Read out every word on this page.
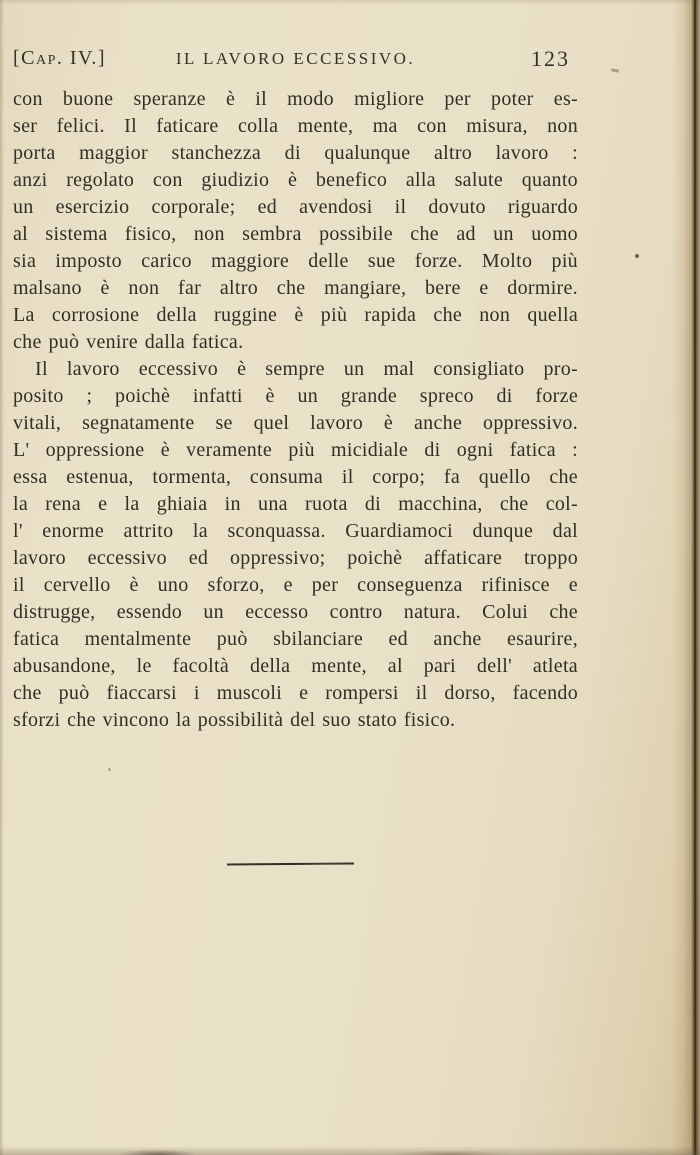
[Cap. IV.]	IL LAVORO ECCESSIVO.	123
con buone speranze è il modo migliore per poter es-
ser felici. Il faticare colla mente, ma con misura, non
porta maggior stanchezza di qualunque altro lavoro :
anzi regolato con giudizio è benefico alla salute quanto
un esercizio corporale; ed avendosi il dovuto riguardo
al sistema fisico, non sembra possibile che ad un uomo
sia imposto carico maggiore delle sue forze. Molto più
malsano è non far altro che mangiare, bere e dormire.
La corrosione della ruggine è più rapida che non quella
che può venire dalla fatica.
Il lavoro eccessivo è sempre un mal consigliato pro-
posito ; poichè infatti è un grande spreco di forze
vitali, segnatamente se quel lavoro è anche oppressivo.
L' oppressione è veramente più micidiale di ogni fatica :
essa estenua, tormenta, consuma il corpo; fa quello che
la rena e la ghiaia in una ruota di macchina, che col-
l' enorme attrito la sconquassa. Guardiamoci dunque dal
lavoro eccessivo ed oppressivo; poichè affaticare troppo
il cervello è uno sforzo, e per conseguenza rifinisce e
distrugge, essendo un eccesso contro natura. Colui che
fatica mentalmente può sbilanciare ed anche esaurire,
abusandone, le facoltà della mente, al pari dell' atleta
che può fiaccarsi i muscoli e rompersi il dorso, facendo
sforzi che vincono la possibilità del suo stato fisico.
